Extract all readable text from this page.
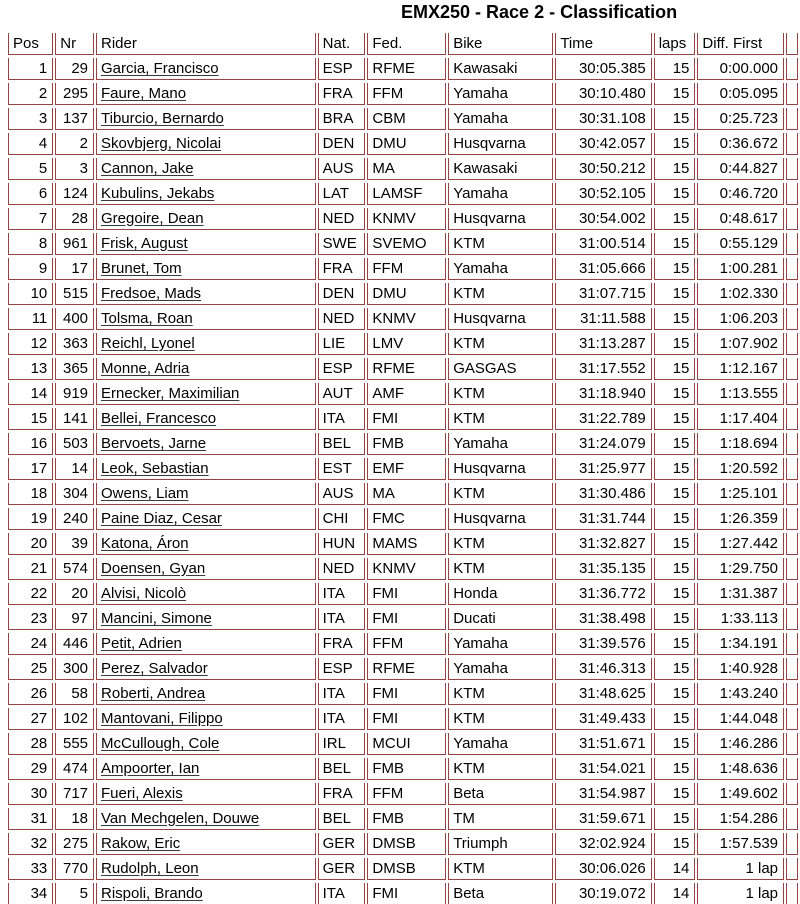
EMX250 - Race 2 - Classification
Pos	Nr	Rider	Nat.	Fed.	Bike	Time	laps	Diff. First	
1	29	Garcia, Francisco	ESP	RFME	Kawasaki	30:05.385	15	0:00.000	
2	295	Faure, Mano	FRA	FFM	Yamaha	30:10.480	15	0:05.095	
3	137	Tiburcio, Bernardo	BRA	CBM	Yamaha	30:31.108	15	0:25.723	
4	2	Skovbjerg, Nicolai	DEN	DMU	Husqvarna	30:42.057	15	0:36.672	
5	3	Cannon, Jake	AUS	MA	Kawasaki	30:50.212	15	0:44.827	
6	124	Kubulins, Jekabs	LAT	LAMSF	Yamaha	30:52.105	15	0:46.720	
7	28	Gregoire, Dean	NED	KNMV	Husqvarna	30:54.002	15	0:48.617	
8	961	Frisk, August	SWE	SVEMO	KTM	31:00.514	15	0:55.129	
9	17	Brunet, Tom	FRA	FFM	Yamaha	31:05.666	15	1:00.281	
10	515	Fredsoe, Mads	DEN	DMU	KTM	31:07.715	15	1:02.330	
11	400	Tolsma, Roan	NED	KNMV	Husqvarna	31:11.588	15	1:06.203	
12	363	Reichl, Lyonel	LIE	LMV	KTM	31:13.287	15	1:07.902	
13	365	Monne, Adria	ESP	RFME	GASGAS	31:17.552	15	1:12.167	
14	919	Ernecker, Maximilian	AUT	AMF	KTM	31:18.940	15	1:13.555	
15	141	Bellei, Francesco	ITA	FMI	KTM	31:22.789	15	1:17.404	
16	503	Bervoets, Jarne	BEL	FMB	Yamaha	31:24.079	15	1:18.694	
17	14	Leok, Sebastian	EST	EMF	Husqvarna	31:25.977	15	1:20.592	
18	304	Owens, Liam	AUS	MA	KTM	31:30.486	15	1:25.101	
19	240	Paine Diaz, Cesar	CHI	FMC	Husqvarna	31:31.744	15	1:26.359	
20	39	Katona, Áron	HUN	MAMS	KTM	31:32.827	15	1:27.442	
21	574	Doensen, Gyan	NED	KNMV	KTM	31:35.135	15	1:29.750	
22	20	Alvisi, Nicolò	ITA	FMI	Honda	31:36.772	15	1:31.387	
23	97	Mancini, Simone	ITA	FMI	Ducati	31:38.498	15	1:33.113	
24	446	Petit, Adrien	FRA	FFM	Yamaha	31:39.576	15	1:34.191	
25	300	Perez, Salvador	ESP	RFME	Yamaha	31:46.313	15	1:40.928	
26	58	Roberti, Andrea	ITA	FMI	KTM	31:48.625	15	1:43.240	
27	102	Mantovani, Filippo	ITA	FMI	KTM	31:49.433	15	1:44.048	
28	555	McCullough, Cole	IRL	MCUI	Yamaha	31:51.671	15	1:46.286	
29	474	Ampoorter, Ian	BEL	FMB	KTM	31:54.021	15	1:48.636	
30	717	Fueri, Alexis	FRA	FFM	Beta	31:54.987	15	1:49.602	
31	18	Van Mechgelen, Douwe	BEL	FMB	TM	31:59.671	15	1:54.286	
32	275	Rakow, Eric	GER	DMSB	Triumph	32:02.924	15	1:57.539	
33	770	Rudolph, Leon	GER	DMSB	KTM	30:06.026	14	1 lap	
34	5	Rispoli, Brando	ITA	FMI	Beta	30:19.072	14	1 lap	
